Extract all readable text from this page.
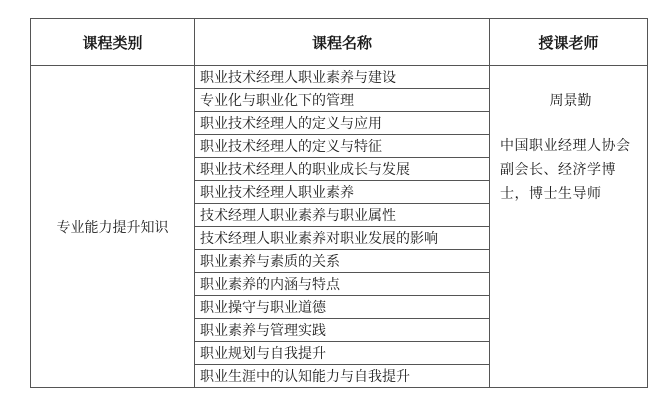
课程类别	课程名称	授课老师
专业能力提升知识	职业技术经理人职业素养与建设	周景勤
中国职业经理人协会副会长、经济学博士，博士生导师

	专业化与职业化下的管理	
	职业技术经理人的定义与应用	
	职业技术经理人的定义与特征	
	职业技术经理人的职业成长与发展	
	职业技术经理人职业素养	
	技术经理人职业素养与职业属性	
	技术经理人职业素养对职业发展的影响	
	职业素养与素质的关系	
	职业素养的内涵与特点	
	职业操守与职业道德	
	职业素养与管理实践	
	职业规划与自我提升	
	职业生涯中的认知能力与自我提升	
